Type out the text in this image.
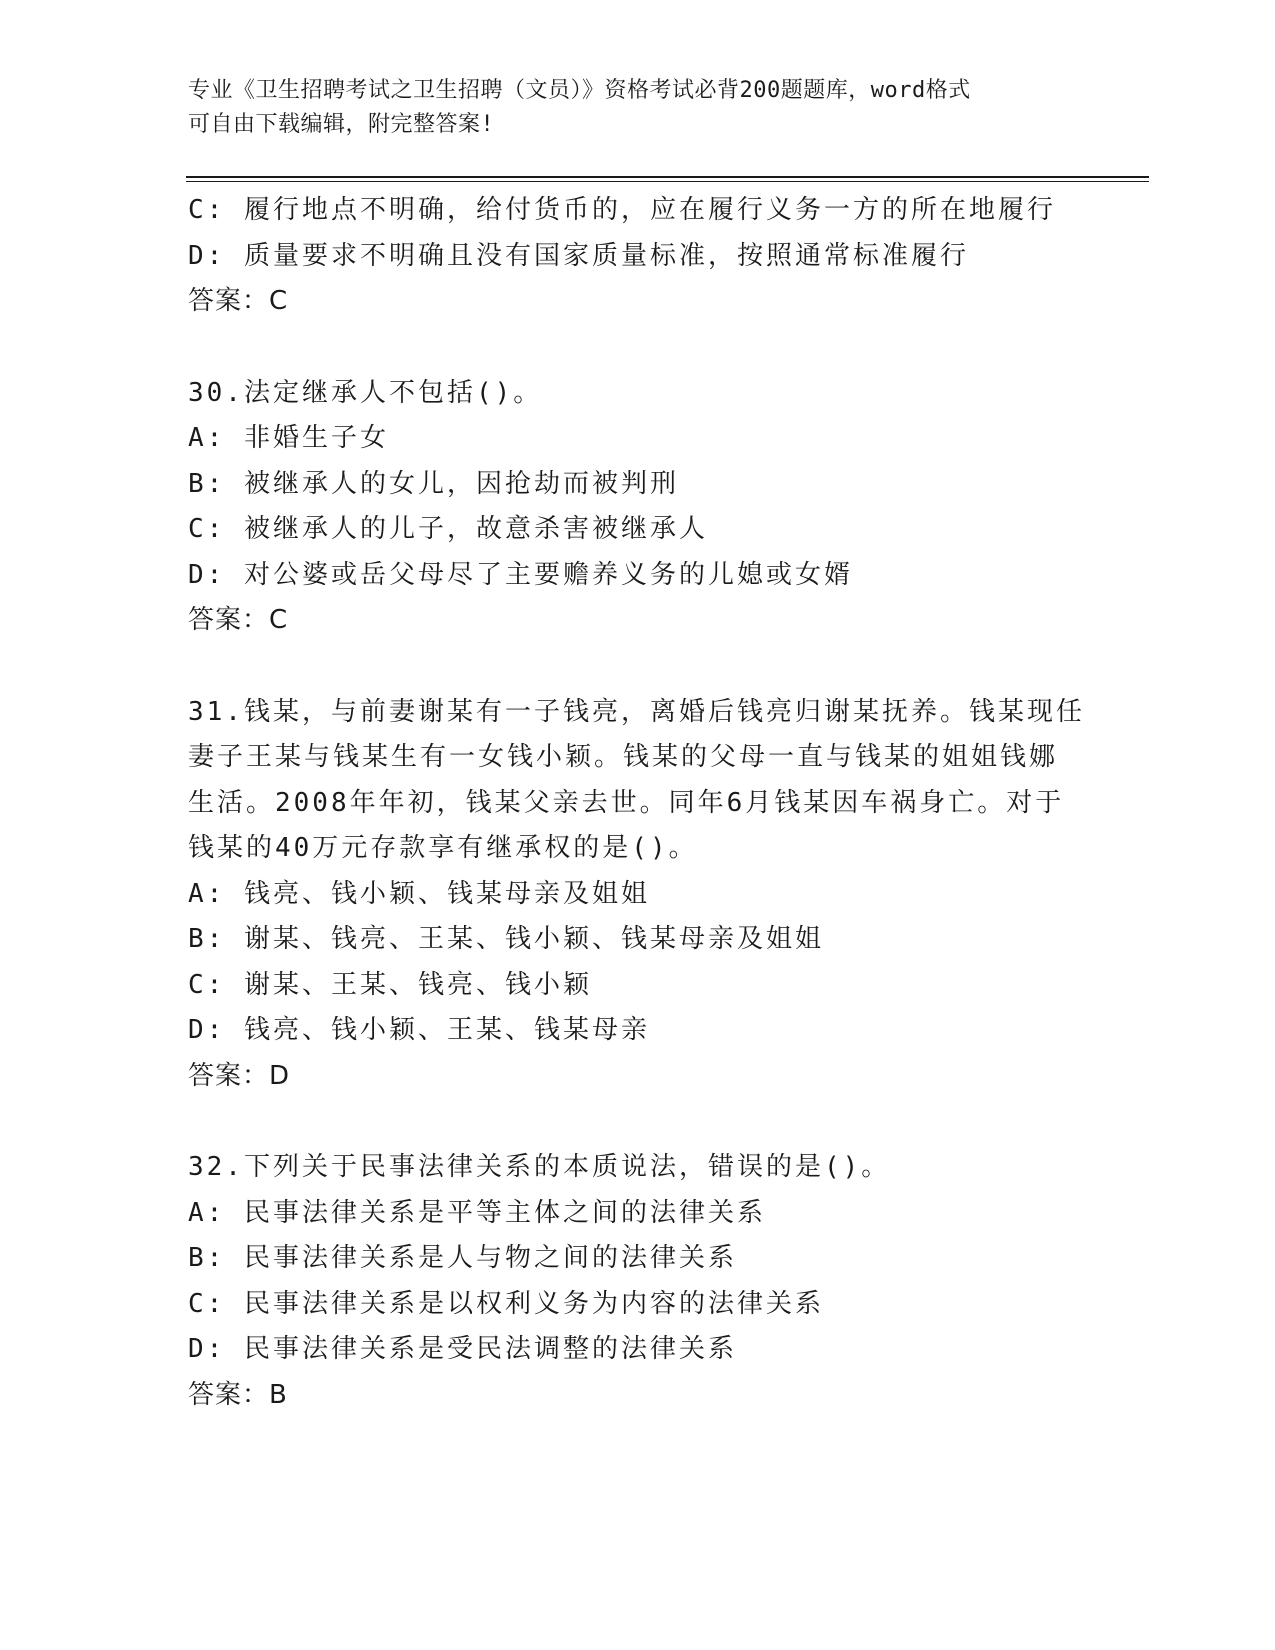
专业《卫生招聘考试之卫生招聘（文员）》资格考试必背200题题库，word格式
可自由下载编辑，附完整答案!
C: 履行地点不明确，给付货币的，应在履行义务一方的所在地履行
D: 质量要求不明确且没有国家质量标准，按照通常标准履行
答案：C
30.法定继承人不包括()。
A: 非婚生子女
B: 被继承人的女儿，因抢劫而被判刑
C: 被继承人的儿子，故意杀害被继承人
D: 对公婆或岳父母尽了主要赡养义务的儿媳或女婿
答案：C
31.钱某，与前妻谢某有一子钱亮，离婚后钱亮归谢某抚养。钱某现任
妻子王某与钱某生有一女钱小颖。钱某的父母一直与钱某的姐姐钱娜
生活。2008年年初，钱某父亲去世。同年6月钱某因车祸身亡。对于
钱某的40万元存款享有继承权的是()。
A: 钱亮、钱小颖、钱某母亲及姐姐
B: 谢某、钱亮、王某、钱小颖、钱某母亲及姐姐
C: 谢某、王某、钱亮、钱小颖
D: 钱亮、钱小颖、王某、钱某母亲
答案：D
32.下列关于民事法律关系的本质说法，错误的是()。
A: 民事法律关系是平等主体之间的法律关系
B: 民事法律关系是人与物之间的法律关系
C: 民事法律关系是以权利义务为内容的法律关系
D: 民事法律关系是受民法调整的法律关系
答案：B
